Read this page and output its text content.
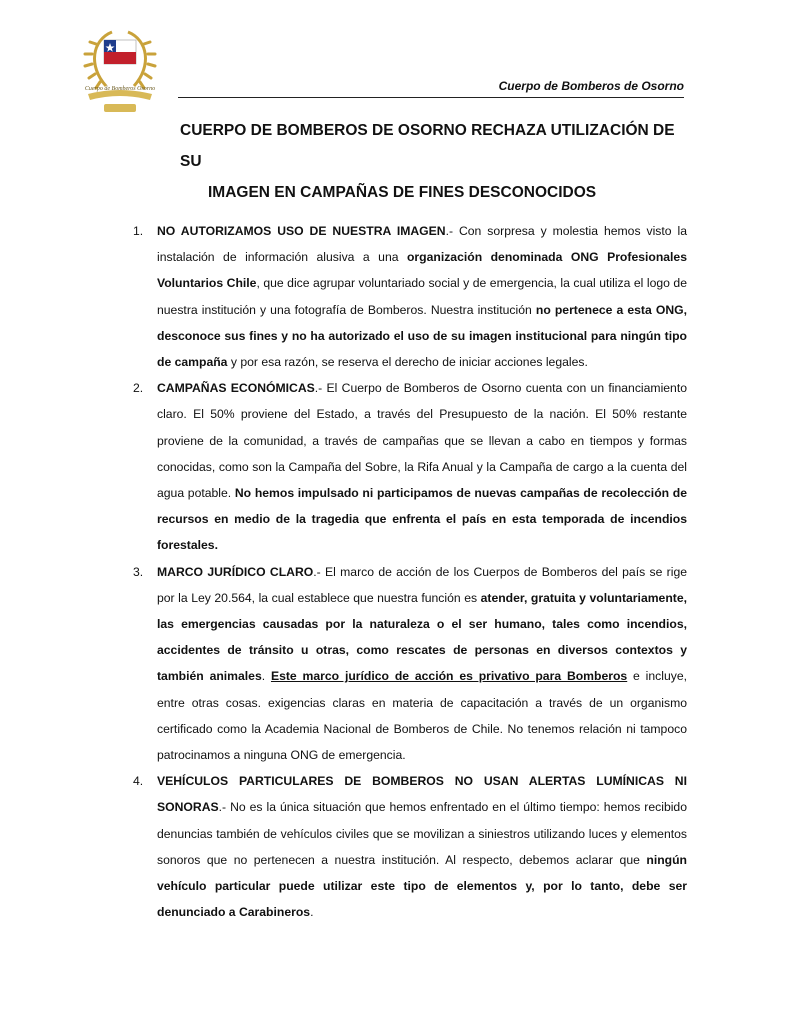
Cuerpo de Bomberos Osorno	Cuerpo de Bomberos de Osorno
CUERPO DE BOMBEROS DE OSORNO RECHAZA UTILIZACIÓN DE SU
IMAGEN EN CAMPAÑAS DE FINES DESCONOCIDOS
1. NO AUTORIZAMOS USO DE NUESTRA IMAGEN.- Con sorpresa y molestia hemos visto la instalación de información alusiva a una organización denominada ONG Profesionales Voluntarios Chile, que dice agrupar voluntariado social y de emergencia, la cual utiliza el logo de nuestra institución y una fotografía de Bomberos. Nuestra institución no pertenece a esta ONG, desconoce sus fines y no ha autorizado el uso de su imagen institucional para ningún tipo de campaña y por esa razón, se reserva el derecho de iniciar acciones legales.
2. CAMPAÑAS ECONÓMICAS.- El Cuerpo de Bomberos de Osorno cuenta con un financiamiento claro. El 50% proviene del Estado, a través del Presupuesto de la nación. El 50% restante proviene de la comunidad, a través de campañas que se llevan a cabo en tiempos y formas conocidas, como son la Campaña del Sobre, la Rifa Anual y la Campaña de cargo a la cuenta del agua potable. No hemos impulsado ni participamos de nuevas campañas de recolección de recursos en medio de la tragedia que enfrenta el país en esta temporada de incendios forestales.
3. MARCO JURÍDICO CLARO.- El marco de acción de los Cuerpos de Bomberos del país se rige por la Ley 20.564, la cual establece que nuestra función es atender, gratuita y voluntariamente, las emergencias causadas por la naturaleza o el ser humano, tales como incendios, accidentes de tránsito u otras, como rescates de personas en diversos contextos y también animales. Este marco jurídico de acción es privativo para Bomberos e incluye, entre otras cosas. exigencias claras en materia de capacitación a través de un organismo certificado como la Academia Nacional de Bomberos de Chile. No tenemos relación ni tampoco patrocinamos a ninguna ONG de emergencia.
4. VEHÍCULOS PARTICULARES DE BOMBEROS NO USAN ALERTAS LUMÍNICAS NI SONORAS.- No es la única situación que hemos enfrentado en el último tiempo: hemos recibido denuncias también de vehículos civiles que se movilizan a siniestros utilizando luces y elementos sonoros que no pertenecen a nuestra institución. Al respecto, debemos aclarar que ningún vehículo particular puede utilizar este tipo de elementos y, por lo tanto, debe ser denunciado a Carabineros.
